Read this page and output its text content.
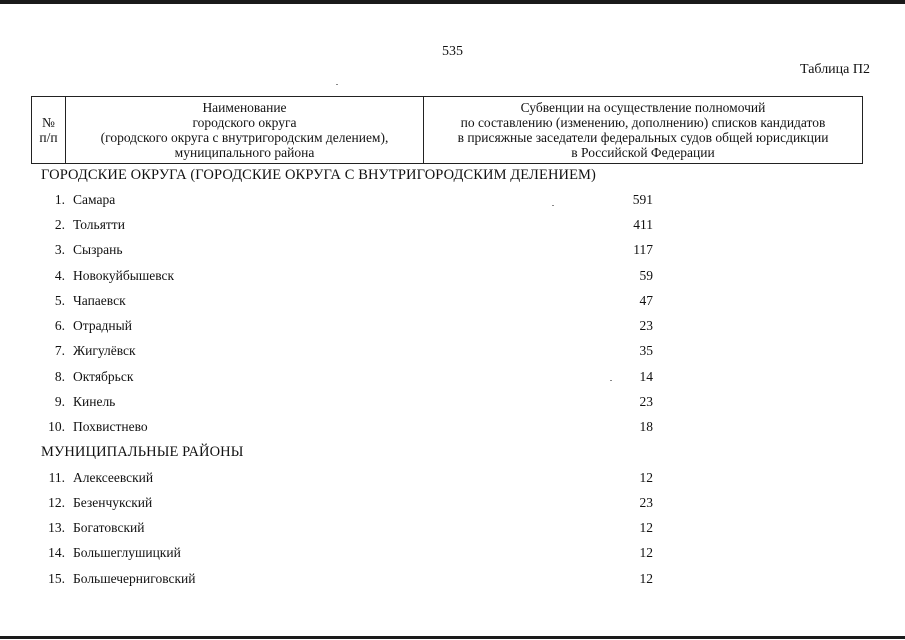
535
Таблица П2
№
п/п

Наименование
городского округа
(городского округа с внутригородским делением),
муниципального района

Субвенции на осуществление полномочий
по составлению (изменению, дополнению) списков кандидатов
в присяжные заседатели федеральных судов общей юрисдикции
в Российской Федерации
ГОРОДСКИЕ ОКРУГА (ГОРОДСКИЕ ОКРУГА С ВНУТРИГОРОДСКИМ ДЕЛЕНИЕМ)
1. Самара	591
2. Тольятти	411
3. Сызрань	117
4. Новокуйбышевск	59
5. Чапаевск	47
6. Отрадный	23
7. Жигулёвск	35
8. Октябрьск	14
9. Кинель	23
10. Похвистнево	18
МУНИЦИПАЛЬНЫЕ РАЙОНЫ
11. Алексеевский	12
12. Безенчукский	23
13. Богатовский	12
14. Большеглушицкий	12
15. Большечерниговский	12
